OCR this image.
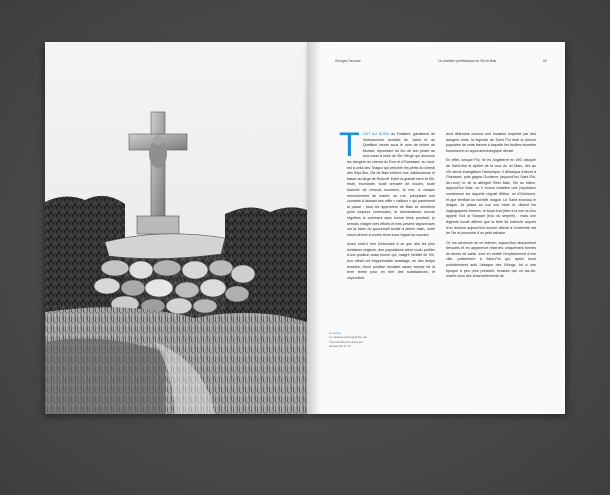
Georges Toulouse	Le cimetière préhistorique de l'île de Batz	69

T OUT AU NORD du Finistère, gardienne de l'embouchure doublée du Jarlot et du Queffleut réunis sous le nom de rivière de Morlaix, répondant du feu de son phare au sud-ouest à celui de l'île Vierge qui annonce les dangers du chenal du Four et d'Ouessant, au nord-est à celui des Triagoz qui précède les périls du chenal des Sept-Îles, l'île de Batz s'étend nue, sablonneuse et basse au large de Roscoff. Entre la grande terre et l'île, triste, écumante, toute creusée de houles, toute blanche de remous écumeux, la mer, à chaque renversement de marée, se rue, précipitant ses courants à l'assaut des mille « cailloux » qui parsèment la passe ; tous les approches de Batz se semblent point toujours commodes, et demanderont encore réguliers le comment avec bonne brise pourtant, je semais, malgré mes efforts et mes pesées vigoureuses sur la barre du gouvernail sentie à pleine main, notre canot dériver à contre-sens sous l'appel du courant.

Aussi n'est-il rien d'étonnant à ce que dès les plus lointaines origines, des populations aient voulu profiter d'une position aussi bonne qui, malgré l'aridité de l'île, leur offrait cet inappréciable avantage, en des temps troublés, d'une position insulaire assez voisine de la terre ferme pour en tirer des subsistances, et cependant

dont défendue comme une invasion inopinée par des dangers réels, la légende de Saint Pol était la preuve populaire de cette théorie à laquelle les fouilles récentes fournissent un appui archéologique décisif.

En effet, lorsque Pol, né en Angleterre en 490, disciple de Saint-Iltut et apôtre de la cour du roi Marc, vint au VIe siècle évangéliser l'Armorique, il débarqua d'abord à Ouessant, puis gagna Occismor (aujourd'hui Saint-Pol-de-Léon) et de là atteignit l'îlest Batz, l'île du bâton, aujourd'hui Batz, où il trouva installée une population nombreuse sur laquelle régnait Withur, roi d'Occismor, et que terrifiait un horrible dragon. Le Saint exorcisa le dragon, lui passa au cou son étole et, diisent les hagiographes bretons, le força à se jeter à la mer au lieu appelé Toul ar Sarpant (trou du serpent) : mais une légende locale affirme que la bête fut enterrée auprès d'un dolmen aujourd'hui encore détruit à l'extrémité est de l'île et surmonté d'un petit calvaire.

Or, les alentours de ce dolmen, aujourd'hui absolument dénudés et en apparence réservés uniquement formés de dunes de sable, sont en réalité l'emplacement d'une ville, postérieure à Saint-Pol qui, après avoir probablement subi l'attaque des Vikings, fut à une époque à peu près précisée, écrasée par un raz-de-marée sous des amoncellements de

Ci-contre
Le calvaire photographié par Thomas Marzon dans les années 60 et 70.
